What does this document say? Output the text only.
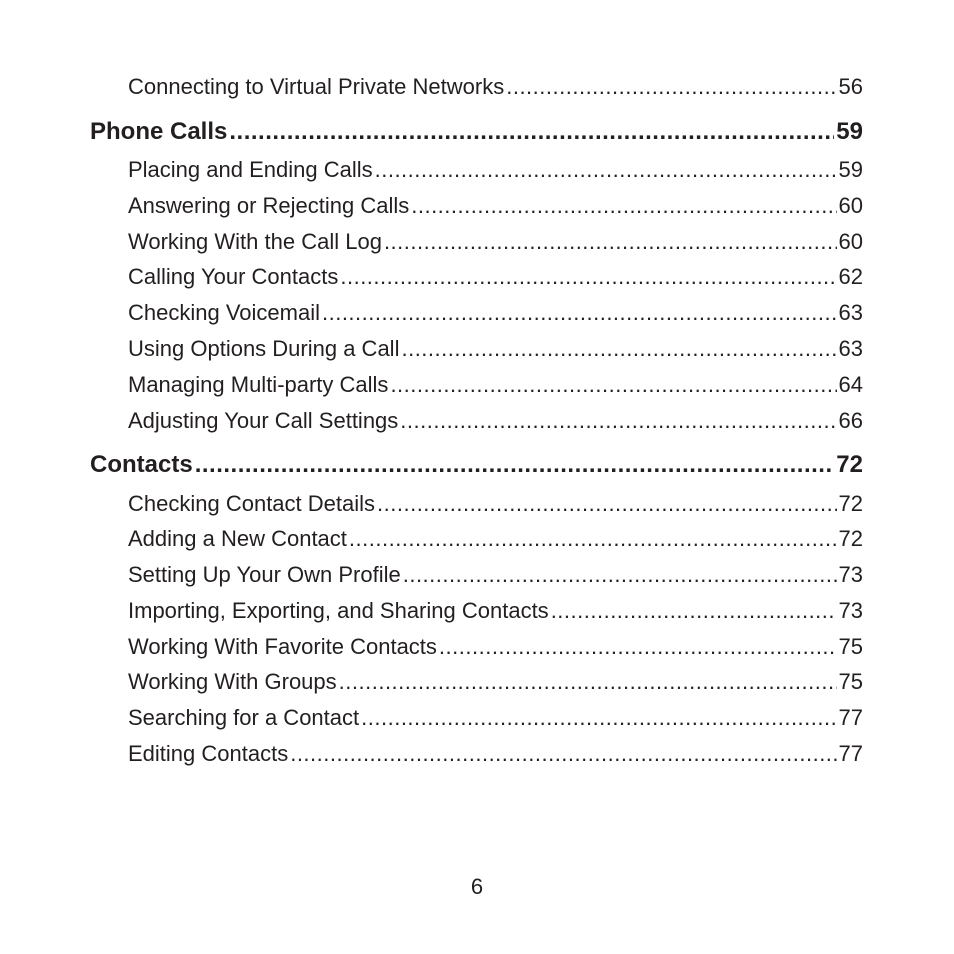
Connecting to Virtual Private Networks .....	56
Phone Calls .....	59
Placing and Ending Calls .....	59
Answering or Rejecting Calls .....	60
Working With the Call Log .....	60
Calling Your Contacts .....	62
Checking Voicemail .....	63
Using Options During a Call .....	63
Managing Multi-party Calls .....	64
Adjusting Your Call Settings .....	66
Contacts .....	72
Checking Contact Details .....	72
Adding a New Contact .....	72
Setting Up Your Own Profile .....	73
Importing, Exporting, and Sharing Contacts .....	73
Working With Favorite Contacts .....	75
Working With Groups .....	75
Searching for a Contact .....	77
Editing Contacts .....	77
6
